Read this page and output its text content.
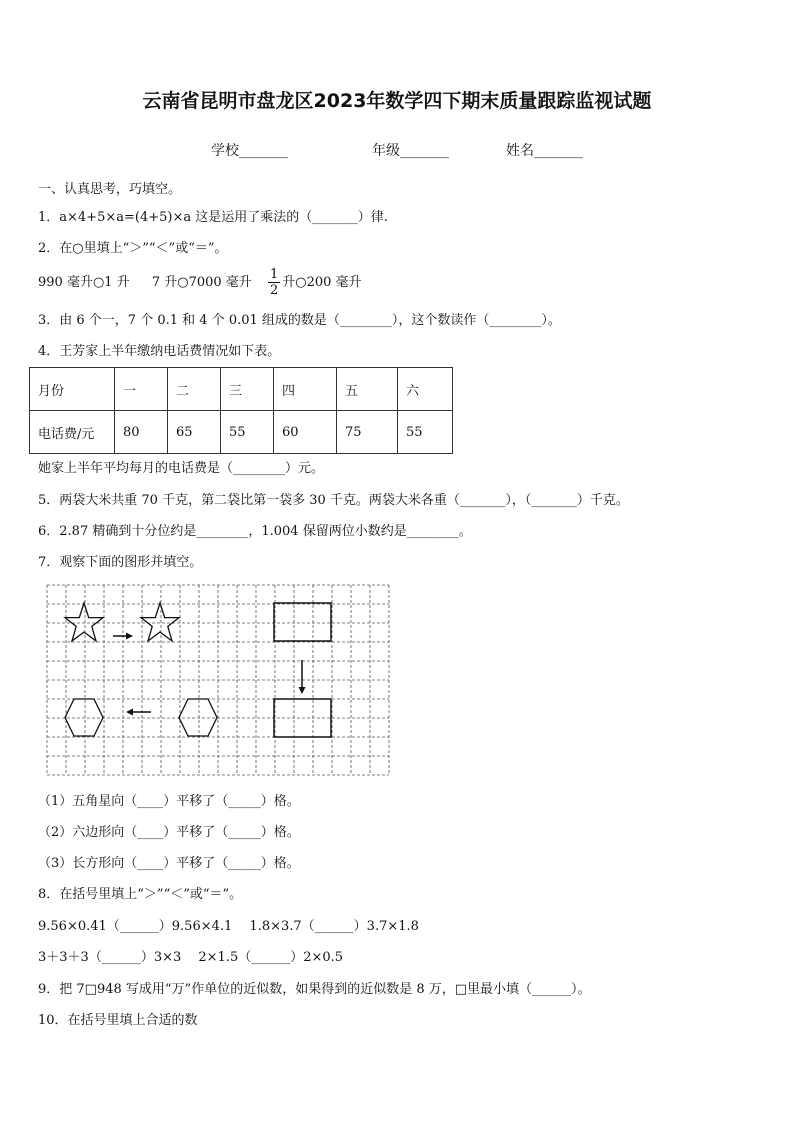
云南省昆明市盘龙区2023年数学四下期末质量跟踪监视试题
学校_______	年级_______	姓名_______
一、认真思考，巧填空。
1．a×4+5×a=(4+5)×a 这是运用了乘法的（_______）律.
2．在○里填上“＞”“＜”或“＝”。
990 毫升○1 升 7 升○7000 毫升 $\frac{1}{2}$ 升○200 毫升
3．由 6 个一，7 个 0.1 和 4 个 0.01 组成的数是（________），这个数读作（________）。
4．王芳家上半年缴纳电话费情况如下表。
月份	一	二	三	四	五	六
电话费/元	80	65	55	60	75	55
她家上半年平均每月的电话费是（________）元。
5．两袋大米共重 70 千克，第二袋比第一袋多 30 千克。两袋大米各重（_______），（_______）千克。
6．2.87 精确到十分位约是________，1.004 保留两位小数约是________。
7．观察下面的图形并填空。
（1）五角星向（____）平移了（_____）格。
（2）六边形向（____）平移了（_____）格。
（3）长方形向（____）平移了（_____）格。
8．在括号里填上“＞”“＜”或“＝”。
9.56×0.41（______）9.56×4.1　 1.8×3.7（______）3.7×1.8
3＋3＋3（______）3×3　 2×1.5（______）2×0.5
9．把 7□948 写成用“万”作单位的近似数，如果得到的近似数是 8 万，□里最小填（______）。
10．在括号里填上合适的数
